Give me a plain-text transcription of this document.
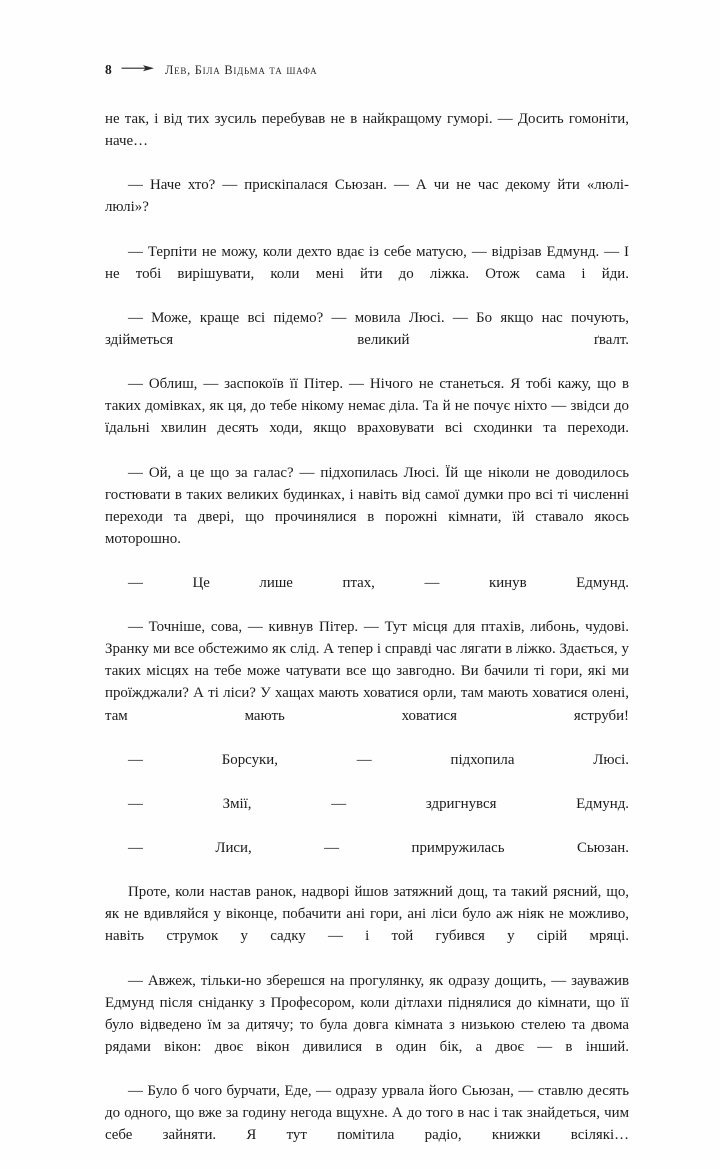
8	Лев, Біла Відьма та шафа

не так, і від тих зусиль перебував не в найкращому гуморі. — Досить гомоніти, наче…

— Наче хто? — прискіпалася Сьюзан. — А чи не час декому йти «люлі-люлі»?

— Терпіти не можу, коли дехто вдає із себе матусю, — відрізав Едмунд. — І не тобі вирішувати, коли мені йти до ліжка. Отож сама і йди.

— Може, краще всі підемо? — мовила Люсі. — Бо якщо нас почують, здійметься великий ґвалт.

— Облиш, — заспокоїв її Пітер. — Нічого не станеться. Я тобі кажу, що в таких домівках, як ця, до тебе нікому немає діла. Та й не почує ніхто — звідси до їдальні хвилин десять ходи, якщо враховувати всі сходинки та переходи.

— Ой, а це що за галас? — підхопилась Люсі. Їй ще ніколи не доводилось гостювати в таких великих будинках, і навіть від самої думки про всі ті численні переходи та двері, що прочинялися в порожні кімнати, їй ставало якось моторошно.

— Це лише птах, — кинув Едмунд.

— Точніше, сова, — кивнув Пітер. — Тут місця для птахів, либонь, чудові. Зранку ми все обстежимо як слід. А тепер і справді час лягати в ліжко. Здається, у таких місцях на тебе може чатувати все що завгодно. Ви бачили ті гори, які ми проїжджали? А ті ліси? У хащах мають ховатися орли, там мають ховатися олені, там мають ховатися яструби!

— Борсуки, — підхопила Люсі.

— Змії, — здригнувся Едмунд.

— Лиси, — примружилась Сьюзан.

Проте, коли настав ранок, надворі йшов затяжний дощ, та такий рясний, що, як не вдивляйся у віконце, побачити ані гори, ані ліси було аж ніяк не можливо, навіть струмок у садку — і той губився у сірій мряці.

— Авжеж, тільки-но зберешся на прогулянку, як одразу дощить, — зауважив Едмунд після сніданку з Професором, коли дітлахи піднялися до кімнати, що її було відведено їм за дитячу; то була довга кімната з низькою стелею та двома рядами вікон: двоє вікон дивилися в один бік, а двоє — в інший.

— Було б чого бурчати, Еде, — одразу урвала його Сьюзан, — ставлю десять до одного, що вже за годину негода вщухне. А до того в нас і так знайдеться, чим себе зайняти. Я тут помітила радіо, книжки всілякі…
